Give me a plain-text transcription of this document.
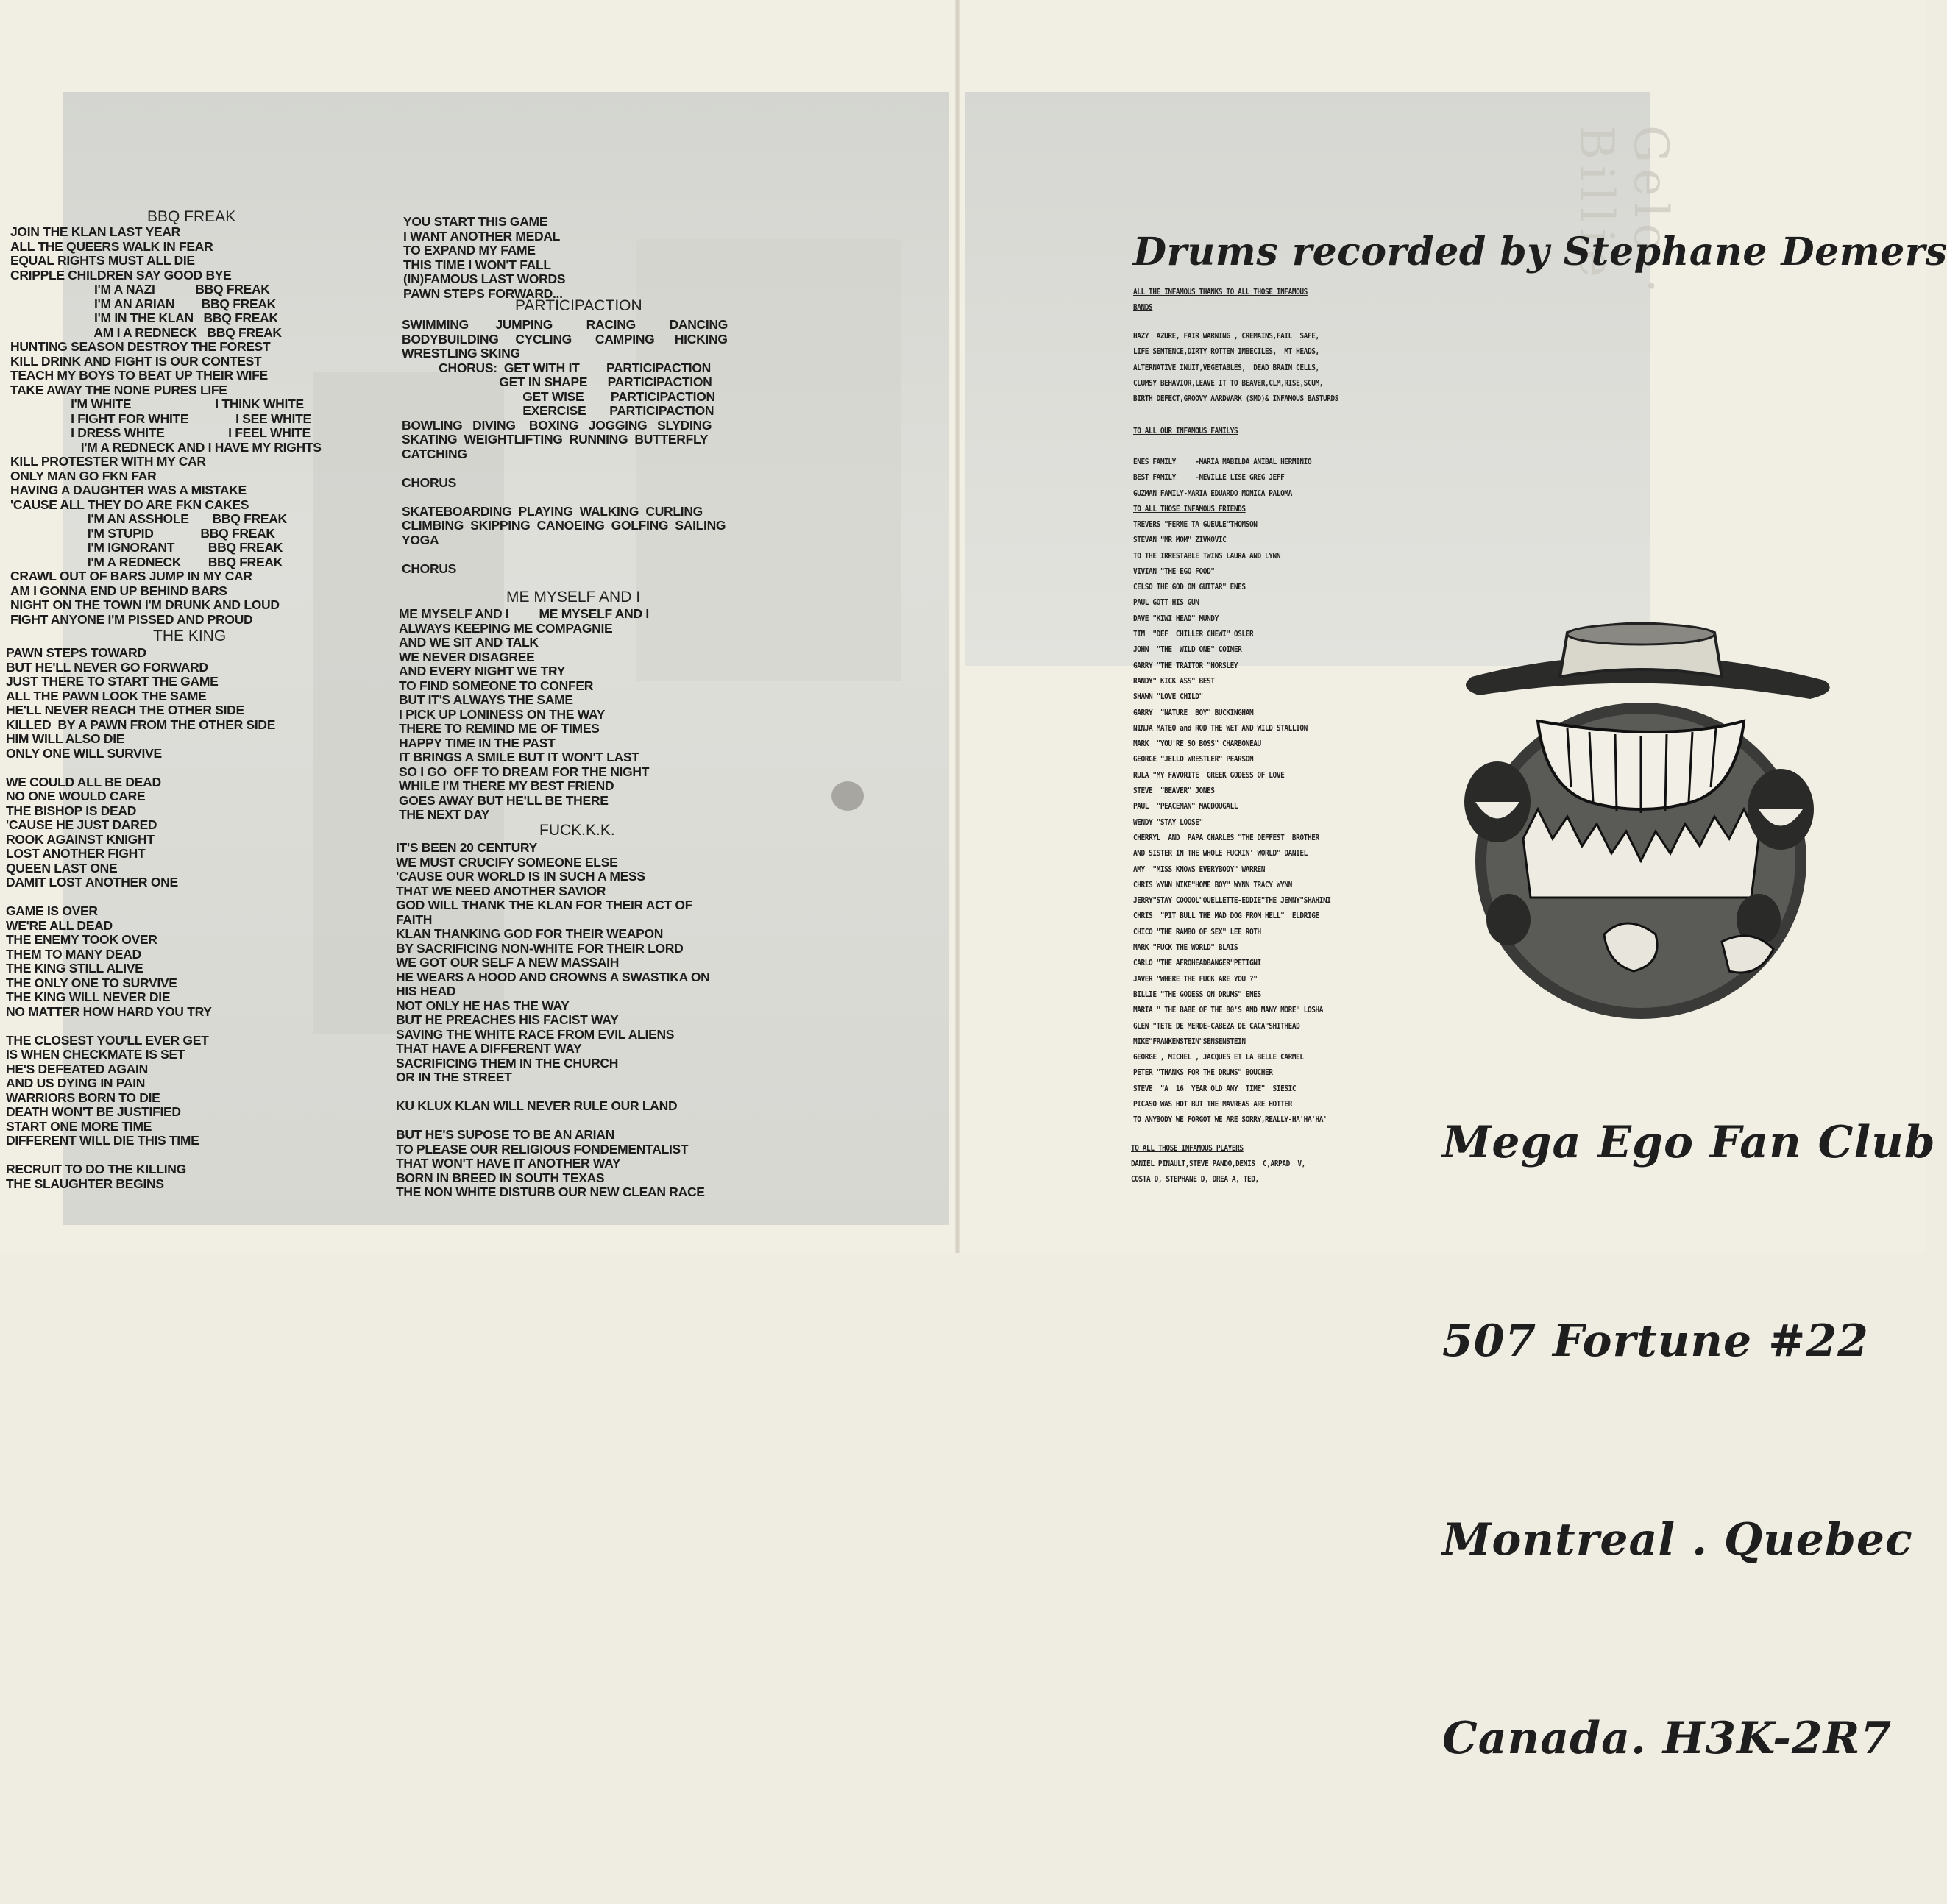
Gelo · Billie
BBQ FREAK
JOIN THE KLAN LAST YEAR
ALL THE QUEERS WALK IN FEAR
EQUAL RIGHTS MUST ALL DIE
CRIPPLE CHILDREN SAY GOOD BYE
I'M A NAZI            BBQ FREAK
I'M AN ARIAN        BBQ FREAK
I'M IN THE KLAN   BBQ FREAK
AM I A REDNECK   BBQ FREAK
HUNTING SEASON DESTROY THE FOREST
KILL DRINK AND FIGHT IS OUR CONTEST
TEACH MY BOYS TO BEAT UP THEIR WIFE
TAKE AWAY THE NONE PURES LIFE
I'M WHITE                         I THINK WHITE
I FIGHT FOR WHITE              I SEE WHITE
I DRESS WHITE                   I FEEL WHITE
I'M A REDNECK AND I HAVE MY RIGHTS
KILL PROTESTER WITH MY CAR
ONLY MAN GO FKN FAR
HAVING A DAUGHTER WAS A MISTAKE
'CAUSE ALL THEY DO ARE FKN CAKES
I'M AN ASSHOLE       BBQ FREAK
I'M STUPID              BBQ FREAK
I'M IGNORANT          BBQ FREAK
I'M A REDNECK        BBQ FREAK
CRAWL OUT OF BARS JUMP IN MY CAR
AM I GONNA END UP BEHIND BARS
NIGHT ON THE TOWN I'M DRUNK AND LOUD
FIGHT ANYONE I'M PISSED AND PROUD
THE KING
PAWN STEPS TOWARD
BUT HE'LL NEVER GO FORWARD
JUST THERE TO START THE GAME
ALL THE PAWN LOOK THE SAME
HE'LL NEVER REACH THE OTHER SIDE
KILLED  BY A PAWN FROM THE OTHER SIDE
HIM WILL ALSO DIE
ONLY ONE WILL SURVIVE

WE COULD ALL BE DEAD
NO ONE WOULD CARE
THE BISHOP IS DEAD
'CAUSE HE JUST DARED
ROOK AGAINST KNIGHT
LOST ANOTHER FIGHT
QUEEN LAST ONE
DAMIT LOST ANOTHER ONE

GAME IS OVER
WE'RE ALL DEAD
THE ENEMY TOOK OVER
THEM TO MANY DEAD
THE KING STILL ALIVE
THE ONLY ONE TO SURVIVE
THE KING WILL NEVER DIE
NO MATTER HOW HARD YOU TRY

THE CLOSEST YOU'LL EVER GET
IS WHEN CHECKMATE IS SET
HE'S DEFEATED AGAIN
AND US DYING IN PAIN
WARRIORS BORN TO DIE
DEATH WON'T BE JUSTIFIED
START ONE MORE TIME
DIFFERENT WILL DIE THIS TIME

RECRUIT TO DO THE KILLING
THE SLAUGHTER BEGINS
YOU START THIS GAME
I WANT ANOTHER MEDAL
TO EXPAND MY FAME
THIS TIME I WON'T FALL
(IN)FAMOUS LAST WORDS
PAWN STEPS FORWARD...
PARTICIPACTION
SWIMMING        JUMPING          RACING          DANCING
BODYBUILDING     CYCLING       CAMPING      HICKING
WRESTLING SKING
CHORUS:  GET WITH IT        PARTICIPACTION
GET IN SHAPE      PARTICIPACTION
GET WISE        PARTICIPACTION
EXERCISE       PARTICIPACTION
BOWLING   DIVING    BOXING   JOGGING   SLYDING
SKATING  WEIGHTLIFTING  RUNNING  BUTTERFLY
CATCHING

CHORUS

SKATEBOARDING  PLAYING  WALKING  CURLING
CLIMBING  SKIPPING  CANOEING  GOLFING  SAILING
YOGA

CHORUS
ME MYSELF AND I
ME MYSELF AND I         ME MYSELF AND I
ALWAYS KEEPING ME COMPAGNIE
AND WE SIT AND TALK
WE NEVER DISAGREE
AND EVERY NIGHT WE TRY
TO FIND SOMEONE TO CONFER
BUT IT'S ALWAYS THE SAME
I PICK UP LONINESS ON THE WAY
THERE TO REMIND ME OF TIMES
HAPPY TIME IN THE PAST
IT BRINGS A SMILE BUT IT WON'T LAST
SO I GO  OFF TO DREAM FOR THE NIGHT
WHILE I'M THERE MY BEST FRIEND
GOES AWAY BUT HE'LL BE THERE
THE NEXT DAY
FUCK.K.K.
IT'S BEEN 20 CENTURY
WE MUST CRUCIFY SOMEONE ELSE
'CAUSE OUR WORLD IS IN SUCH A MESS
THAT WE NEED ANOTHER SAVIOR
GOD WILL THANK THE KLAN FOR THEIR ACT OF
FAITH
KLAN THANKING GOD FOR THEIR WEAPON
BY SACRIFICING NON-WHITE FOR THEIR LORD
WE GOT OUR SELF A NEW MASSAIH
HE WEARS A HOOD AND CROWNS A SWASTIKA ON
HIS HEAD
NOT ONLY HE HAS THE WAY
BUT HE PREACHES HIS FACIST WAY
SAVING THE WHITE RACE FROM EVIL ALIENS
THAT HAVE A DIFFERENT WAY
SACRIFICING THEM IN THE CHURCH
OR IN THE STREET

KU KLUX KLAN WILL NEVER RULE OUR LAND

BUT HE'S SUPOSE TO BE AN ARIAN
TO PLEASE OUR RELIGIOUS FONDEMENTALIST
THAT WON'T HAVE IT ANOTHER WAY
BORN IN BREED IN SOUTH TEXAS
THE NON WHITE DISTURB OUR NEW CLEAN RACE
Drums recorded by Stephane Demers
ALL THE INFAMOUS THANKS TO ALL THOSE INFAMOUS
BANDS
HAZY  AZURE, FAIR WARNING , CREMAINS,FAIL  SAFE,
LIFE SENTENCE,DIRTY ROTTEN IMBECILES,  MT HEADS,
ALTERNATIVE INUIT,VEGETABLES,  DEAD BRAIN CELLS,
CLUMSY BEHAVIOR,LEAVE IT TO BEAVER,CLM,RISE,SCUM,
BIRTH DEFECT,GROOVY AARDVARK (SMD)& INFAMOUS BASTURDS
TO ALL OUR INFAMOUS FAMILYS
ENES FAMILY     -MARIA MABILDA ANIBAL HERMINIO
BEST FAMILY     -NEVILLE LISE GREG JEFF
GUZMAN FAMILY-MARIA EDUARDO MONICA PALOMA
TO ALL THOSE INFAMOUS FRIENDS
TREVERS "FERME TA GUEULE"THOMSON
STEVAN "MR MOM" ZIVKOVIC
TO THE IRRESTABLE TWINS LAURA AND LYNN
VIVIAN "THE EGO FOOD"
CELSO THE GOD ON GUITAR" ENES
PAUL GOTT HIS GUN
DAVE "KIWI HEAD" MUNDY
TIM  "DEF  CHILLER CHEWI" OSLER
JOHN  "THE  WILD ONE" COINER
GARRY "THE TRAITOR "HORSLEY
RANDY" KICK ASS" BEST
SHAWN "LOVE CHILD"
GARRY  "NATURE  BOY" BUCKINGHAM
NINJA MATEO and ROD THE WET AND WILD STALLION
MARK  "YOU'RE SO BOSS" CHARBONEAU
GEORGE "JELLO WRESTLER" PEARSON
RULA "MY FAVORITE  GREEK GODESS OF LOVE
STEVE  "BEAVER" JONES
PAUL  "PEACEMAN" MACDOUGALL
WENDY "STAY LOOSE"
CHERRYL  AND  PAPA CHARLES "THE DEFFEST  BROTHER
AND SISTER IN THE WHOLE FUCKIN' WORLD" DANIEL
AMY  "MISS KNOWS EVERYBODY" WARREN
CHRIS WYNN NIKE"HOME BOY" WYNN TRACY WYNN
JERRY"STAY COOOOL"OUELLETTE-EDDIE"THE JENNY"SHAHINI
CHRIS  "PIT BULL THE MAD DOG FROM HELL"  ELDRIGE
CHICO "THE RAMBO OF SEX" LEE ROTH
MARK "FUCK THE WORLD" BLAIS
CARLO "THE AFROHEADBANGER"PETIGNI
JAVER "WHERE THE FUCK ARE YOU ?"
BILLIE "THE GODESS ON DRUMS" ENES
MARIA " THE BABE OF THE 80'S AND MANY MORE" LOSHA
GLEN "TETE DE MERDE-CABEZA DE CACA"SHITHEAD
MIKE"FRANKENSTEIN"SENSENSTEIN
GEORGE , MICHEL , JACQUES ET LA BELLE CARMEL
PETER "THANKS FOR THE DRUMS" BOUCHER
STEVE  "A  16  YEAR OLD ANY  TIME"  SIESIC
PICASO WAS HOT BUT THE MAVREAS ARE HOTTER
TO ANYBODY WE FORGOT WE ARE SORRY,REALLY-HA'HA'HA'
TO ALL THOSE INFAMOUS PLAYERS
DANIEL PINAULT,STEVE PANDO,DENIS  C,ARPAD  V,
COSTA D, STEPHANE D, DREA A, TED,

Mega Ego Fan Club

507 Fortune #22

Montreal . Quebec

Canada. H3K-2R7
